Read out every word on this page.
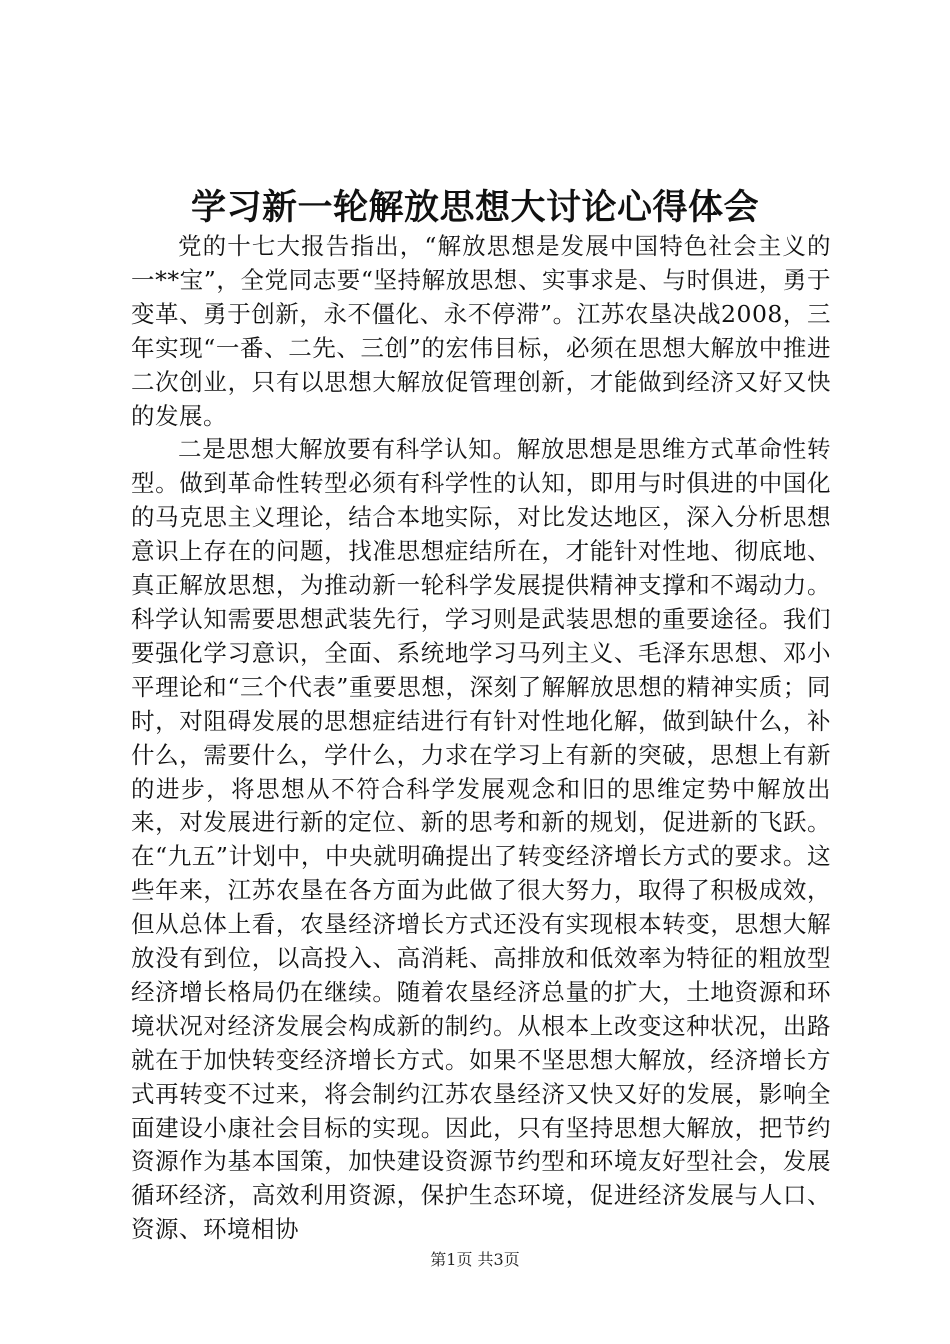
学习新一轮解放思想大讨论心得体会

党的十七大报告指出，“解放思想是发展中国特色社会主义的一**宝”，全党同志要“坚持解放思想、实事求是、与时俱进，勇于变革、勇于创新，永不僵化、永不停滞”。江苏农垦决战2008，三年实现“一番、二先、三创”的宏伟目标，必须在思想大解放中推进二次创业，只有以思想大解放促管理创新，才能做到经济又好又快的发展。

二是思想大解放要有科学认知。解放思想是思维方式革命性转型。做到革命性转型必须有科学性的认知，即用与时俱进的中国化的马克思主义理论，结合本地实际，对比发达地区，深入分析思想意识上存在的问题，找准思想症结所在，才能针对性地、彻底地、真正解放思想，为推动新一轮科学发展提供精神支撑和不竭动力。科学认知需要思想武装先行，学习则是武装思想的重要途径。我们要强化学习意识，全面、系统地学习马列主义、毛泽东思想、邓小平理论和“三个代表”重要思想，深刻了解解放思想的精神实质；同时，对阻碍发展的思想症结进行有针对性地化解，做到缺什么，补什么，需要什么，学什么，力求在学习上有新的突破，思想上有新的进步，将思想从不符合科学发展观念和旧的思维定势中解放出来，对发展进行新的定位、新的思考和新的规划，促进新的飞跃。在“九五”计划中，中央就明确提出了转变经济增长方式的要求。这些年来，江苏农垦在各方面为此做了很大努力，取得了积极成效，但从总体上看，农垦经济增长方式还没有实现根本转变，思想大解放没有到位，以高投入、高消耗、高排放和低效率为特征的粗放型经济增长格局仍在继续。随着农垦经济总量的扩大，土地资源和环境状况对经济发展会构成新的制约。从根本上改变这种状况，出路就在于加快转变经济增长方式。如果不坚思想大解放，经济增长方式再转变不过来，将会制约江苏农垦经济又快又好的发展，影响全面建设小康社会目标的实现。因此，只有坚持思想大解放，把节约资源作为基本国策，加快建设资源节约型和环境友好型社会，发展循环经济，高效利用资源，保护生态环境，促进经济发展与人口、资源、环境相协

第1页 共3页
